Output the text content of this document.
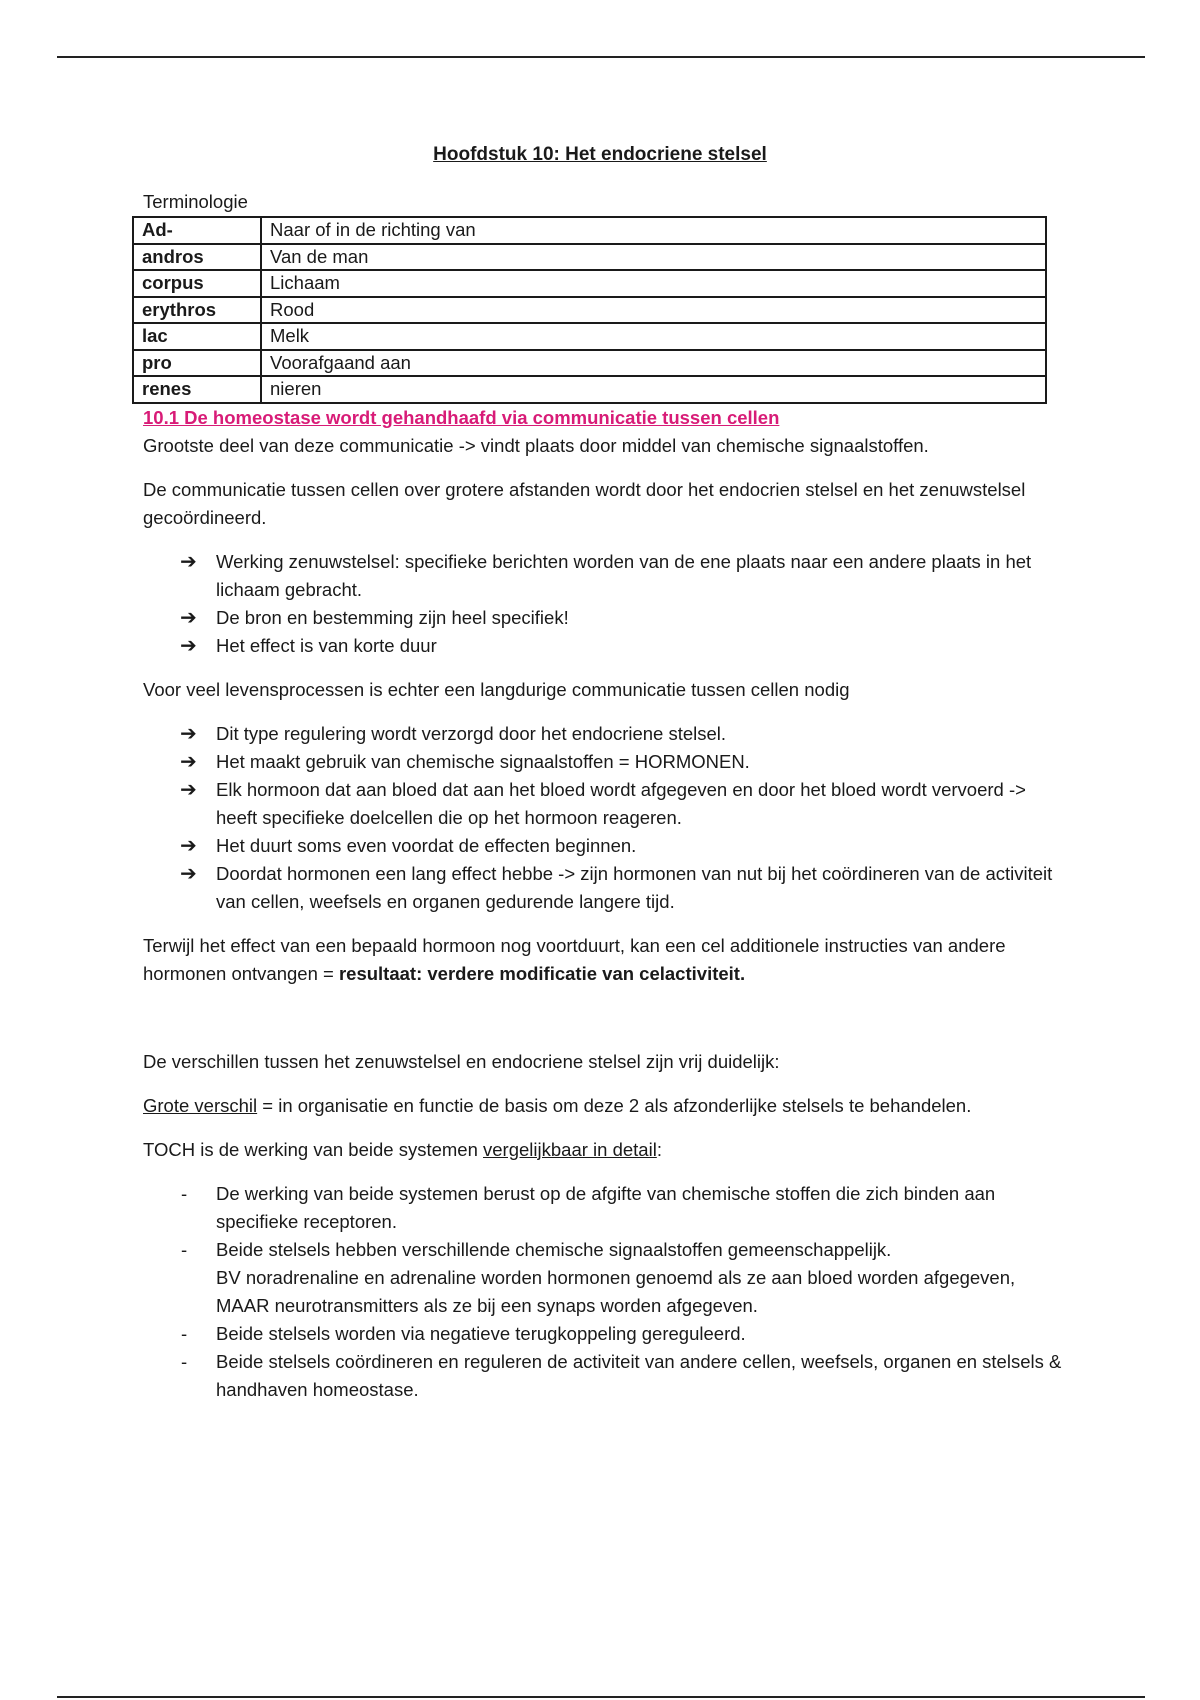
Hoofdstuk 10: Het endocriene stelsel

Terminologie

Ad-	Naar of in de richting van
andros	Van de man
corpus	Lichaam
erythros	Rood
lac	Melk
pro	Voorafgaand aan
renes	nieren

10.1 De homeostase wordt gehandhaafd via communicatie tussen cellen

Grootste deel van deze communicatie -> vindt plaats door middel van chemische signaalstoffen.

De communicatie tussen cellen over grotere afstanden wordt door het endocrien stelsel en het zenuwstelsel gecoördineerd.

➔ Werking zenuwstelsel: specifieke berichten worden van de ene plaats naar een andere plaats in het lichaam gebracht.
➔ De bron en bestemming zijn heel specifiek!
➔ Het effect is van korte duur

Voor veel levensprocessen is echter een langdurige communicatie tussen cellen nodig

➔ Dit type regulering wordt verzorgd door het endocriene stelsel.
➔ Het maakt gebruik van chemische signaalstoffen = HORMONEN.
➔ Elk hormoon dat aan bloed dat aan het bloed wordt afgegeven en door het bloed wordt vervoerd -> heeft specifieke doelcellen die op het hormoon reageren.
➔ Het duurt soms even voordat de effecten beginnen.
➔ Doordat hormonen een lang effect hebbe -> zijn hormonen van nut bij het coördineren van de activiteit van cellen, weefsels en organen gedurende langere tijd.

Terwijl het effect van een bepaald hormoon nog voortduurt, kan een cel additionele instructies van andere hormonen ontvangen = resultaat: verdere modificatie van celactiviteit.

De verschillen tussen het zenuwstelsel en endocriene stelsel zijn vrij duidelijk:

Grote verschil = in organisatie en functie de basis om deze 2 als afzonderlijke stelsels te behandelen.

TOCH is de werking van beide systemen vergelijkbaar in detail:

- De werking van beide systemen berust op de afgifte van chemische stoffen die zich binden aan specifieke receptoren.
- Beide stelsels hebben verschillende chemische signaalstoffen gemeenschappelijk.
BV noradrenaline en adrenaline worden hormonen genoemd als ze aan bloed worden afgegeven, MAAR neurotransmitters als ze bij een synaps worden afgegeven.
- Beide stelsels worden via negatieve terugkoppeling gereguleerd.
- Beide stelsels coördineren en reguleren de activiteit van andere cellen, weefsels, organen en stelsels & handhaven homeostase.
